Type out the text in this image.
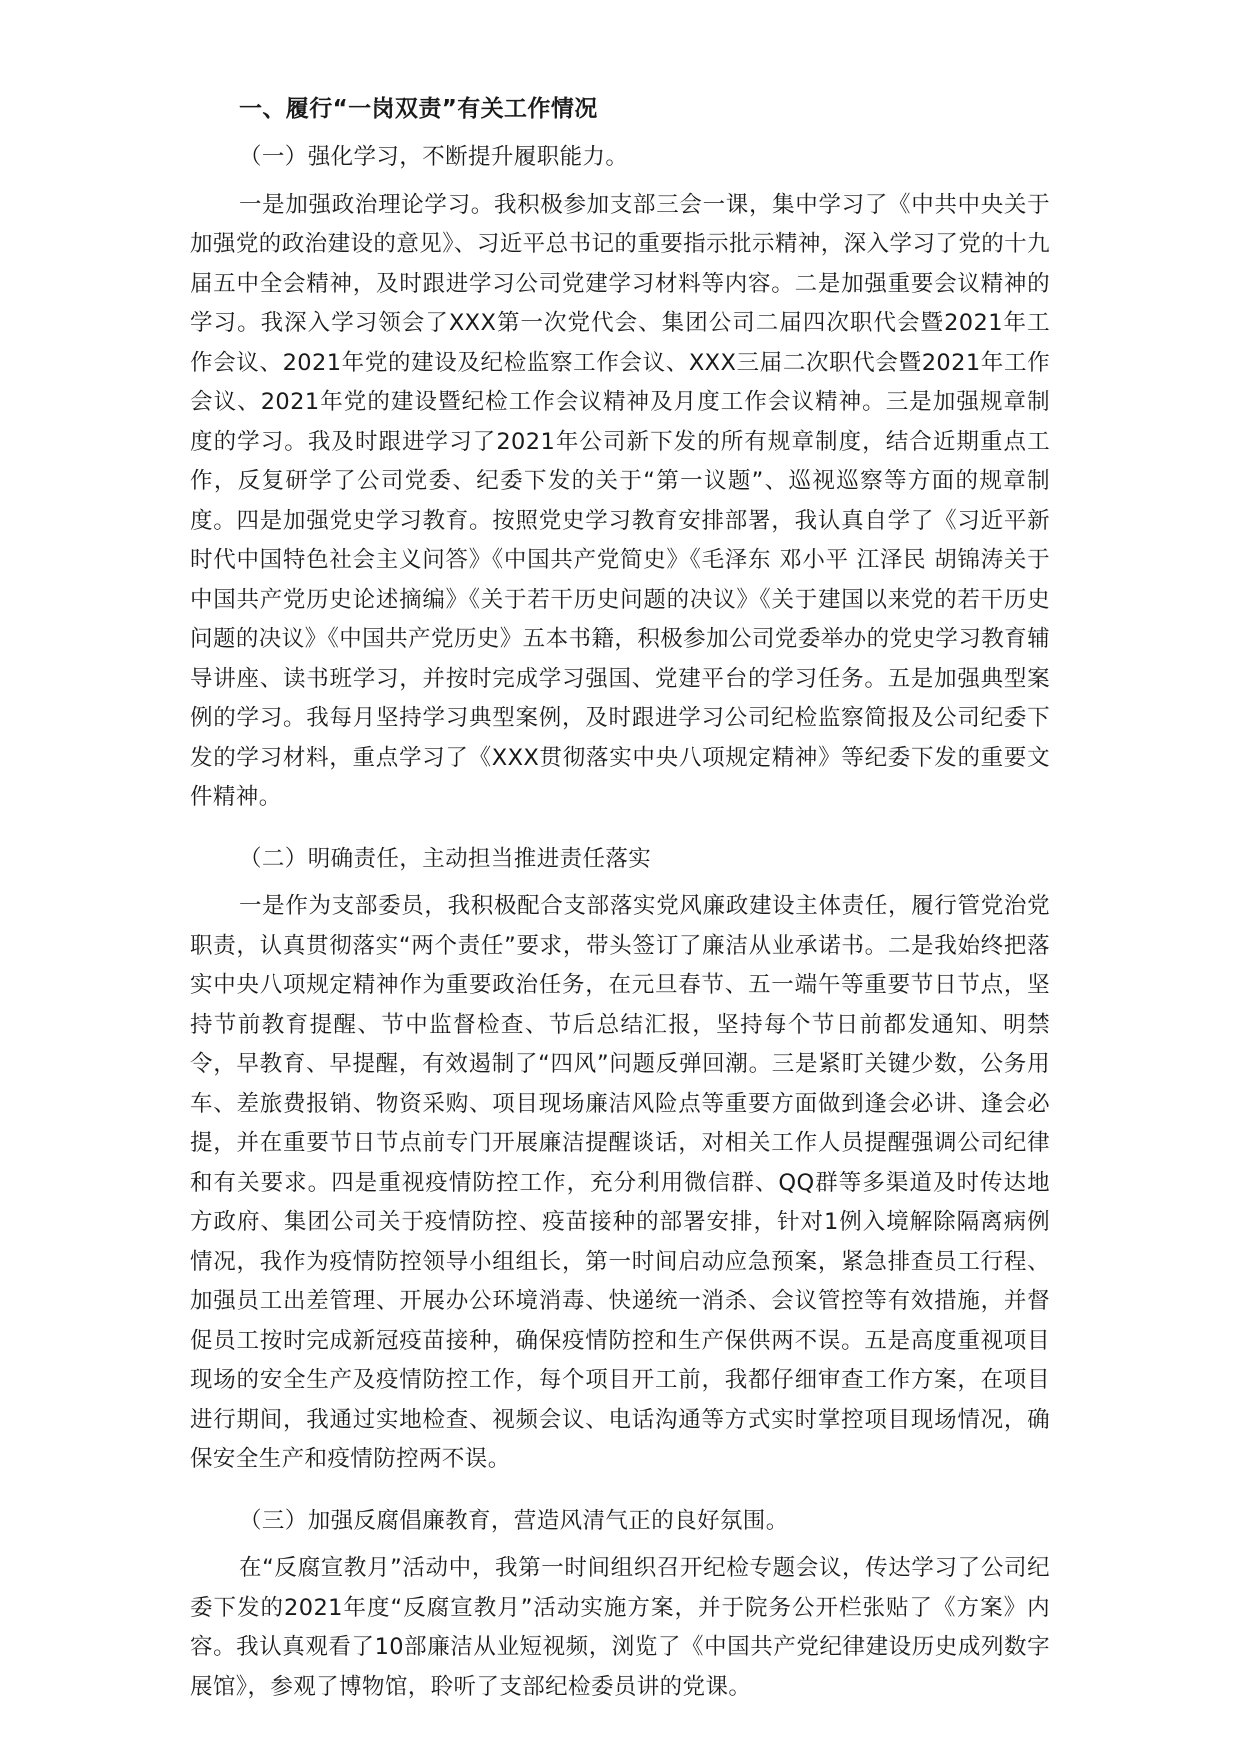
一、履行“一岗双责”有关工作情况

（一）强化学习，不断提升履职能力。

一是加强政治理论学习。我积极参加支部三会一课，集中学习了《中共中央关于加强党的政治建设的意见》、习近平总书记的重要指示批示精神，深入学习了党的十九届五中全会精神，及时跟进学习公司党建学习材料等内容。二是加强重要会议精神的学习。我深入学习领会了XXX第一次党代会、集团公司二届四次职代会暨2021年工作会议、2021年党的建设及纪检监察工作会议、XXX三届二次职代会暨2021年工作会议、2021年党的建设暨纪检工作会议精神及月度工作会议精神。三是加强规章制度的学习。我及时跟进学习了2021年公司新下发的所有规章制度，结合近期重点工作，反复研学了公司党委、纪委下发的关于“第一议题”、巡视巡察等方面的规章制度。四是加强党史学习教育。按照党史学习教育安排部署，我认真自学了《习近平新时代中国特色社会主义问答》《中国共产党简史》《毛泽东 邓小平 江泽民 胡锦涛关于中国共产党历史论述摘编》《关于若干历史问题的决议》《关于建国以来党的若干历史问题的决议》《中国共产党历史》五本书籍，积极参加公司党委举办的党史学习教育辅导讲座、读书班学习，并按时完成学习强国、党建平台的学习任务。五是加强典型案例的学习。我每月坚持学习典型案例，及时跟进学习公司纪检监察简报及公司纪委下发的学习材料，重点学习了《XXX贯彻落实中央八项规定精神》等纪委下发的重要文件精神。

（二）明确责任，主动担当推进责任落实

一是作为支部委员，我积极配合支部落实党风廉政建设主体责任，履行管党治党职责，认真贯彻落实“两个责任”要求，带头签订了廉洁从业承诺书。二是我始终把落实中央八项规定精神作为重要政治任务，在元旦春节、五一端午等重要节日节点，坚持节前教育提醒、节中监督检查、节后总结汇报，坚持每个节日前都发通知、明禁令，早教育、早提醒，有效遏制了“四风”问题反弹回潮。三是紧盯关键少数，公务用车、差旅费报销、物资采购、项目现场廉洁风险点等重要方面做到逢会必讲、逢会必提，并在重要节日节点前专门开展廉洁提醒谈话，对相关工作人员提醒强调公司纪律和有关要求。四是重视疫情防控工作，充分利用微信群、QQ群等多渠道及时传达地方政府、集团公司关于疫情防控、疫苗接种的部署安排，针对1例入境解除隔离病例情况，我作为疫情防控领导小组组长，第一时间启动应急预案，紧急排查员工行程、加强员工出差管理、开展办公环境消毒、快递统一消杀、会议管控等有效措施，并督促员工按时完成新冠疫苗接种，确保疫情防控和生产保供两不误。五是高度重视项目现场的安全生产及疫情防控工作，每个项目开工前，我都仔细审查工作方案，在项目进行期间，我通过实地检查、视频会议、电话沟通等方式实时掌控项目现场情况，确保安全生产和疫情防控两不误。

（三）加强反腐倡廉教育，营造风清气正的良好氛围。

在“反腐宣教月”活动中，我第一时间组织召开纪检专题会议，传达学习了公司纪委下发的2021年度“反腐宣教月”活动实施方案，并于院务公开栏张贴了《方案》内容。我认真观看了10部廉洁从业短视频，浏览了《中国共产党纪律建设历史成列数字展馆》，参观了博物馆，聆听了支部纪检委员讲的党课。
